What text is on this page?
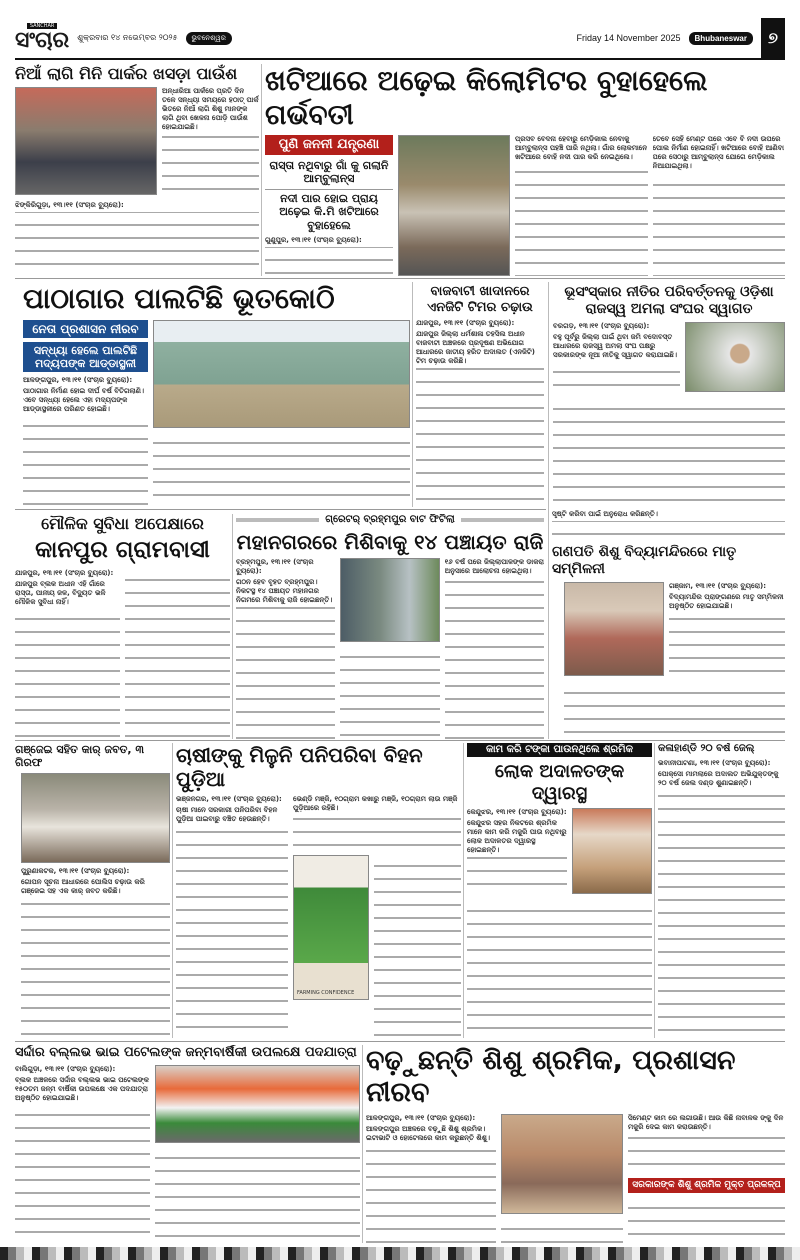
SANCHAR
ସଂଚାର ଶୁକ୍ରବାର ୧୪ ନଭେମ୍ବର ୨୦୨୫	ଭୁବନେଶ୍ୱର	Friday 14 November 2025	Bhubaneswar	୭
ନିଆଁ ଲାଗି ମିନି ପାର୍କର ଖସଡ଼ା ପାଉଁଶ
ଅନ୍ଧାରିଆ ପାର୍କରେ ପ୍ରତି ଦିନ ତଳେ ସନ୍ଧ୍ୟା ସମୟରେ ହଠାତ୍ ପାର୍କ ଭିତରେ ନିଆଁ ଲାଗି ଶିଶୁ ମାନଙ୍କ ଲାଗି ଥିବା ଖେଳନା ପୋଡ଼ି ପାଉଁଶ ହୋଇଯାଇଛି।
ଝିଙ୍କିରିଗୁଡ଼ା, ୧୩।୧୧ (ସଂଚାର ବ୍ୟୁରୋ):
ଖଟିଆରେ ଅଢ଼େଇ କିଲୋମିଟର ବୁହାହେଲେ ଗର୍ଭବତୀ
ପୁଣି ଜନନୀ ଯନ୍ତ୍ରଣା
ରାସ୍ତା ନଥିବାରୁ ଗାଁ କୁ ଗଲାନି ଆମ୍ବୁଲାନ୍ସ
ନଦୀ ପାର ହୋଇ ପ୍ରାୟ ଅଢ଼େଇ କି.ମି ଖଟିଆରେ ବୁହାହେଲେ
ଗୁଣୁପୁର, ୧୩।୧୧ (ସଂଚାର ବ୍ୟୁରୋ):
ପ୍ରସବ ବେଦନା ହେବାରୁ ମେଡ଼ିକାଲ ନେବାକୁ ଆମ୍ବୁଲାନ୍ସ ପହଞ୍ଚି ପାରି ନଥିଲା। ଗାଁର ଲୋକମାନେ ଖଟିଆରେ ବୋହି ନଦୀ ପାର କରି ନେଇଥିଲେ।
ତେବେ ସେହି ମେଣ୍ଟ ପରେ ଏବେ ବି ନଦୀ ଉପରେ ପୋଲ ନିର୍ମାଣ ହୋଇନାହିଁ। ଖଟିଆରେ ବୋହି ଆଣିବା ପରେ ସେଠାରୁ ଆମ୍ବୁଲାନ୍ସ ଯୋଗେ ମେଡ଼ିକାଲ ନିଆଯାଇଥିଲା।
ପାଠାଗାର ପାଲଟିଛି ଭୂତକୋଠି
ନେତା ପ୍ରଶାସନ ନୀରବ
ସନ୍ଧ୍ୟା ହେଲେ ପାଲଟିଛି ମଦ୍ୟପଙ୍କ ଆଡ୍ଡାସ୍ଥଳୀ
ଆଳଙ୍ଗପୁର, ୧୩।୧୧ (ସଂଚାର ବ୍ୟୁରୋ):
ପାଠାଗାର ନିର୍ମାଣ ହୋଇ ଦୀର୍ଘ ବର୍ଷ ବିତିଗଲାଣି। ଏବେ ସନ୍ଧ୍ୟା ହେଲେ ଏହା ମଦ୍ୟପଙ୍କ ଆଡ୍ଡାସ୍ଥଳୀରେ ପରିଣତ ହୋଇଛି।
ବାଜବାଟୀ ଖାଦାନରେ ଏନଜିଟି ଟିମର ଚଢ଼ାଉ
ଯାଜପୁର, ୧୩।୧୧ (ସଂଚାର ବ୍ୟୁରୋ):
ଯାଜପୁର ଜିଲ୍ଲା ଧର୍ମଶାଳା ତହସିଲ ଅଧୀନ ବାଜବାଟୀ ଅଞ୍ଚଳରେ ପ୍ରଦୂଷଣ ଅଭିଯୋଗ ଆଧାରରେ ଜାତୀୟ ହରିତ ଅଦାଲତ (ଏନଜିଟି) ଟିମ ଚଢ଼ାଉ କରିଛି।
ଭୂସଂସ୍କାର ନୀତିର ପରିବର୍ତ୍ତନକୁ ଓଡ଼ିଶା ରାଜସ୍ୱ ଅମଲା ସଂଘର ସ୍ୱାଗତ
ବରଗଡ଼, ୧୩।୧୧ (ସଂଚାର ବ୍ୟୁରୋ):
ବହୁ ପୂର୍ବରୁ ଜିଲ୍ଲା ପାଇଁ ଥିବା ଜମି ବଦୋବସ୍ତ ଆଧାରରେ ରାଜସ୍ୱ ଅମଲା ସଂଘ ପକ୍ଷରୁ ସରକାରଙ୍କ ନୂଆ ନୀତିକୁ ସ୍ୱାଗତ କରାଯାଇଛି।
ମୌଳିକ ସୁବିଧା ଅପେକ୍ଷାରେ
କାନପୁର ଗ୍ରାମବାସୀ
ଯାଜପୁର, ୧୩।୧୧ (ସଂଚାର ବ୍ୟୁରୋ):
ଯାଜପୁର ବ୍ଲକ ଅଧୀନ ଏହି ଗାଁରେ ରାସ୍ତା, ପାନୀୟ ଜଳ, ବିଦ୍ୟୁତ ଭଳି ମୌଳିକ ସୁବିଧା ନାହିଁ।
ଗ୍ରେଟର୍ ବ୍ରହ୍ମପୁର ବାଟ ଫିଟିଲା
ମହାନଗରରେ ମିଶିବାକୁ ୧୪ ପଞ୍ଚାୟତ ରାଜି
ବ୍ରହ୍ମପୁର, ୧୩।୧୧ (ସଂଚାର ବ୍ୟୁରୋ):
ଗଠନ ହେବ ବୃହତ ବ୍ରହ୍ମପୁର। ନିକଟସ୍ଥ ୧୪ ପଞ୍ଚାୟତ ମହାନଗର ନିଗମରେ ମିଶିବାକୁ ରାଜି ହୋଇଛନ୍ତି।
୧୬ ବର୍ଷ ପରେ ଜିଲ୍ଲାପାଳଙ୍କ ଡାକରା ଅନୁସାରେ ଆଲୋଚନା ହୋଇଥିଲା।
ସୃଷ୍ଟି କରିବା ପାଇଁ ଅନୁରୋଧ କରିଛନ୍ତି।
ଗଣପତି ଶିଶୁ ବିଦ୍ୟାମନ୍ଦିରରେ ମାତୃ ସମ୍ମିଳନୀ
ଗଞ୍ଜାମ, ୧୩।୧୧ (ସଂଚାର ବ୍ୟୁରୋ):
ବିଦ୍ୟାମନ୍ଦିର ପ୍ରାଙ୍ଗଣରେ ମାତୃ ସମ୍ମିଳନୀ ଅନୁଷ୍ଠିତ ହୋଇଯାଇଛି।
ଗଞ୍ଜେଇ ସହିତ କାର୍ ଜବତ, ୩ ଗିରଫ
ପୁରୁଣାକଟକ, ୧୩।୧୧ (ସଂଚାର ବ୍ୟୁରୋ):
ଗୋପନ ସୂଚନା ଆଧାରରେ ପୋଲିସ ଚଢ଼ାଉ କରି ଗଞ୍ଜେଇ ସହ ଏକ କାର୍ ଜବତ କରିଛି।
ଚାଷୀଙ୍କୁ ମିଳୁନି ପନିପରିବା ବିହନ ପୁଡ଼ିଆ
ଭଞ୍ଜନଗର, ୧୩।୧୧ (ସଂଚାର ବ୍ୟୁରୋ):
ଚାଷୀ ମାନେ ସରକାରୀ ପନିପରିବା ବିହନ ପୁଡ଼ିଆ ପାଇବାରୁ ବଞ୍ଚିତ ହେଉଛନ୍ତି।
ଭେଣ୍ଡି ମଞ୍ଜି, ୧୦ଗ୍ରାମ କଖାରୁ ମଞ୍ଜି, ୧୦ଗ୍ରାମ ଲାଉ ମଞ୍ଜି ପୁଡ଼ିଆରେ ରହିଛି।
FARMING CONFIDENCE
କାମ କରି ଟଙ୍କା ପାଉନଥିଲେ ଶ୍ରମିକ
ଲୋକ ଅଦାଳତଙ୍କ ଦ୍ୱାରସ୍ଥ
କେନ୍ଦୁଝର, ୧୩।୧୧ (ସଂଚାର ବ୍ୟୁରୋ):
କେନ୍ଦୁଝର ସହର ନିକଟରେ ଶ୍ରମିକ ମାନେ କାମ କରି ମଜୁରି ପାଉ ନଥିବାରୁ ଲୋକ ଅଦାଳତର ଦ୍ୱାରସ୍ଥ ହୋଇଛନ୍ତି।
କଳାହାଣ୍ଡି ୨୦ ବର୍ଷ ଜେଲ୍
ଭବାନୀପାଟଣା, ୧୩।୧୧ (ସଂଚାର ବ୍ୟୁରୋ):
ପୋକ୍ସୋ ମାମଲାରେ ଅଦାଲତ ଅଭିଯୁକ୍ତଙ୍କୁ ୨୦ ବର୍ଷ ଜେଲ ଦଣ୍ଡ ଶୁଣାଇଛନ୍ତି।
ସର୍ଦ୍ଦାର ବଲ୍ଲଭ ଭାଇ ପଟେଲଙ୍କ ଜନ୍ମବାର୍ଷିକୀ ଉପଲକ୍ଷେ ପଦଯାତ୍ରା
ବାଲିଗୁଡ଼ା, ୧୩।୧୧ (ସଂଚାର ବ୍ୟୁରୋ):
ବ୍ଲକ ଅଞ୍ଚଳରେ ସର୍ଦ୍ଦାର ବଲ୍ଲଭ ଭାଇ ପଟେଲଙ୍କ ୧୫୦ତମ ଜନ୍ମ ବାର୍ଷିକୀ ଉପଲକ୍ଷେ ଏକ ପଦଯାତ୍ରା ଅନୁଷ୍ଠିତ ହୋଇଯାଇଛି।
ବଢ଼ୁଛନ୍ତି ଶିଶୁ ଶ୍ରମିକ, ପ୍ରଶାସନ ନୀରବ
ଆଳଙ୍ଗପୁର, ୧୩।୧୧ (ସଂଚାର ବ୍ୟୁରୋ):
ଆଳଙ୍ଗପୁର ଅଞ୍ଚଳରେ ବଢ଼ୁଛି ଶିଶୁ ଶ୍ରମିକ। ଇଟାଭାଟି ଓ ହୋଟେଲରେ କାମ କରୁଛନ୍ତି ଶିଶୁ।
ସିମେଣ୍ଟ କାମ ରେ ଲଗାଉଛି। ଆଉ କିଛି ନାବାଳକ ଙ୍କୁ ଦିନ ମଜୁରି ଦେଇ କାମ କରାଉଛନ୍ତି।
ସରକାରଙ୍କ ଶିଶୁ ଶ୍ରମିକ ମୁକ୍ତ ପ୍ରକଳ୍ପ
